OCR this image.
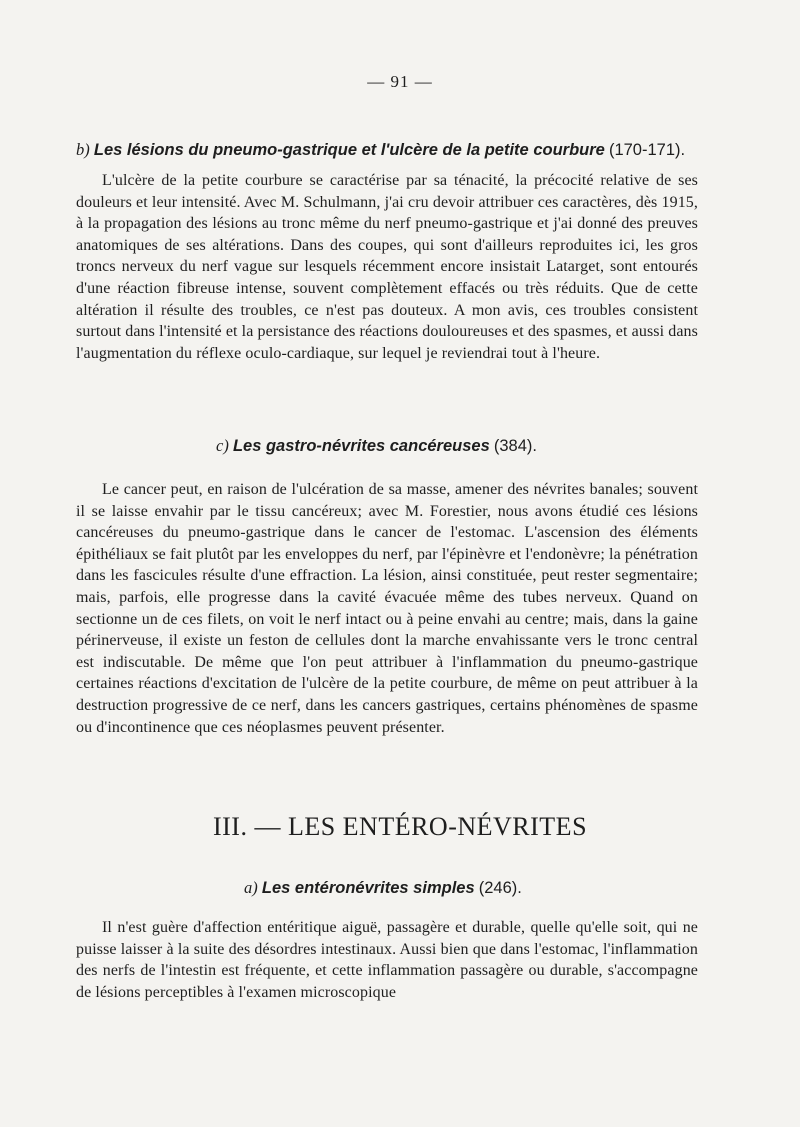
— 91 —
b) Les lésions du pneumo-gastrique et l'ulcère de la petite courbure (170-171).

L'ulcère de la petite courbure se caractérise par sa ténacité, la précocité relative de ses douleurs et leur intensité. Avec M. Schulmann, j'ai cru devoir attribuer ces caractères, dès 1915, à la propagation des lésions au tronc même du nerf pneumo-gastrique et j'ai donné des preuves anatomiques de ses altérations. Dans des coupes, qui sont d'ailleurs reproduites ici, les gros troncs nerveux du nerf vague sur lesquels récemment encore insistait Latarget, sont entourés d'une réaction fibreuse intense, souvent complètement effacés ou très réduits. Que de cette altération il résulte des troubles, ce n'est pas douteux. A mon avis, ces troubles consistent surtout dans l'intensité et la persistance des réactions douloureuses et des spasmes, et aussi dans l'augmentation du réflexe oculo-cardiaque, sur lequel je reviendrai tout à l'heure.

c) Les gastro-névrites cancéreuses (384).

Le cancer peut, en raison de l'ulcération de sa masse, amener des névrites banales; souvent il se laisse envahir par le tissu cancéreux; avec M. Forestier, nous avons étudié ces lésions cancéreuses du pneumo-gastrique dans le cancer de l'estomac. L'ascension des éléments épithéliaux se fait plutôt par les enveloppes du nerf, par l'épinèvre et l'endonèvre; la pénétration dans les fascicules résulte d'une effraction. La lésion, ainsi constituée, peut rester segmentaire; mais, parfois, elle progresse dans la cavité évacuée même des tubes nerveux. Quand on sectionne un de ces filets, on voit le nerf intact ou à peine envahi au centre; mais, dans la gaine périnerveuse, il existe un feston de cellules dont la marche envahissante vers le tronc central est indiscutable. De même que l'on peut attribuer à l'inflammation du pneumo-gastrique certaines réactions d'excitation de l'ulcère de la petite courbure, de même on peut attribuer à la destruction progressive de ce nerf, dans les cancers gastriques, certains phénomènes de spasme ou d'incontinence que ces néoplasmes peuvent présenter.

III. — LES ENTÉRO-NÉVRITES
a) Les entéronévrites simples (246).

Il n'est guère d'affection entéritique aiguë, passagère et durable, quelle qu'elle soit, qui ne puisse laisser à la suite des désordres intestinaux. Aussi bien que dans l'estomac, l'inflammation des nerfs de l'intestin est fréquente, et cette inflammation passagère ou durable, s'accompagne de lésions perceptibles à l'examen microscopique
